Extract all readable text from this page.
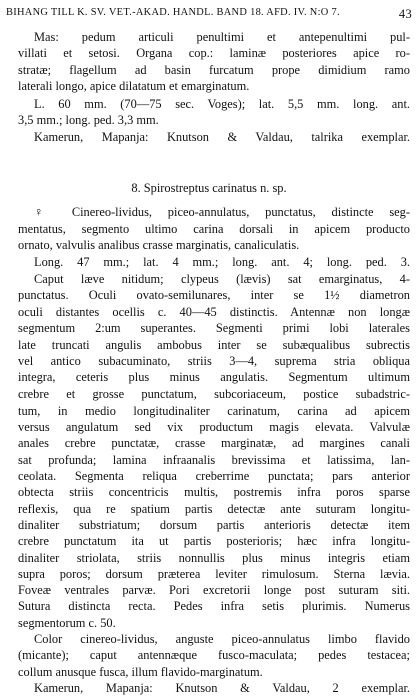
BIHANG TILL K. SV. VET.-AKAD. HANDL. BAND 18. AFD. IV. N:O 7.	43
Mas: pedum articuli penultimi et antepenultimi pul-
villati et setosi. Organa cop.: laminæ posteriores apice ro-
stratæ; flagellum ad basin furcatum prope dimidium ramo
laterali longo, apice dilatatum et emarginatum.
L. 60 mm. (70—75 sec. Voges); lat. 5,5 mm. long. ant.
3,5 mm.; long. ped. 3,3 mm.
Kamerun, Mapanja: Knutson & Valdau, talrika exemplar.
8. Spirostreptus carinatus n. sp.
♀ Cinereo-lividus, piceo-annulatus, punctatus, distincte seg-
mentatus, segmento ultimo carina dorsali in apicem producto
ornato, valvulis analibus crasse marginatis, canaliculatis.
Long. 47 mm.; lat. 4 mm.; long. ant. 4; long. ped. 3.
Caput læve nitidum; clypeus (lævis) sat emarginatus, 4-
punctatus. Oculi ovato-semilunares, inter se 1½ diametron
oculi distantes ocellis c. 40—45 distinctis. Antennæ non longæ
segmentum 2:um superantes. Segmenti primi lobi laterales
late truncati angulis ambobus inter se subæqualibus subrectis
vel antico subacuminato, striis 3—4, suprema stria obliqua
integra, ceteris plus minus angulatis. Segmentum ultimum
crebre et grosse punctatum, subcoriaceum, postice subadstric-
tum, in medio longitudinaliter carinatum, carina ad apicem
versus angulatum sed vix productum magis elevata. Valvulæ
anales crebre punctatæ, crasse marginatæ, ad margines canali
sat profunda; lamina infraanalis brevissima et latissima, lan-
ceolata. Segmenta reliqua creberrime punctata; pars anterior
obtecta striis concentricis multis, postremis infra poros sparse
reflexis, qua re spatium partis detectæ ante suturam longitu-
dinaliter substriatum; dorsum partis anterioris detectæ item
crebre punctatum ita ut partis posterioris; hæc infra longitu-
dinaliter striolata, striis nonnullis plus minus integris etiam
supra poros; dorsum præterea leviter rimulosum. Sterna lævia.
Foveæ ventrales parvæ. Pori excretorii longe post suturam siti.
Sutura distincta recta. Pedes infra setis plurimis. Numerus
segmentorum c. 50.
Color cinereo-lividus, anguste piceo-annulatus limbo flavido
(micante); caput antennæque fusco-maculata; pedes testacea;
collum anusque fusca, illum flavido-marginatum.
Kamerun, Mapanja: Knutson & Valdau, 2 exemplar.
